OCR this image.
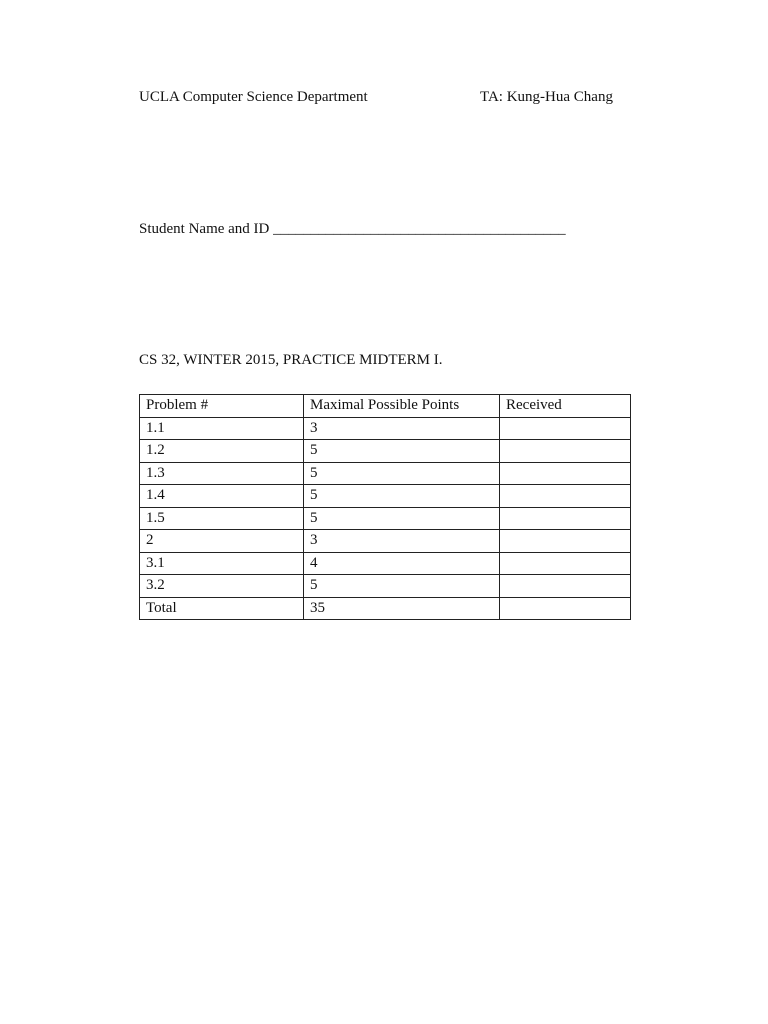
UCLA Computer Science Department	TA: Kung-Hua Chang
Student Name and ID _______________________________________
CS 32, WINTER 2015, PRACTICE MIDTERM I.
Problem #	Maximal Possible Points	Received
1.1	3	
1.2	5	
1.3	5	
1.4	5	
1.5	5	
2	3	
3.1	4	
3.2	5	
Total	35	
